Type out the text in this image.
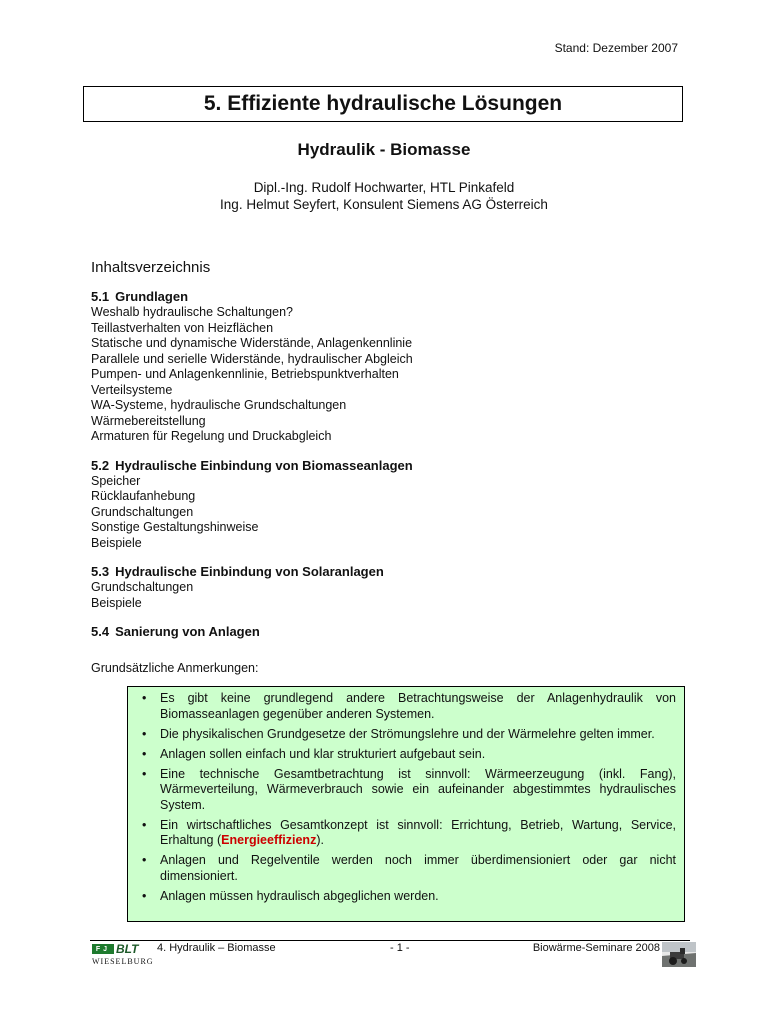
Stand: Dezember 2007
5. Effiziente hydraulische Lösungen
Hydraulik - Biomasse
Dipl.-Ing. Rudolf Hochwarter, HTL Pinkafeld
Ing. Helmut Seyfert, Konsulent Siemens AG Österreich
Inhaltsverzeichnis
5.1 Grundlagen
Weshalb hydraulische Schaltungen?
Teillastverhalten von Heizflächen
Statische und dynamische Widerstände, Anlagenkennlinie
Parallele und serielle Widerstände, hydraulischer Abgleich
Pumpen- und Anlagenkennlinie, Betriebspunktverhalten
Verteilsysteme
WA-Systeme, hydraulische Grundschaltungen
Wärmebereitstellung
Armaturen für Regelung und Druckabgleich
5.2 Hydraulische Einbindung von Biomasseanlagen
Speicher
Rücklaufanhebung
Grundschaltungen
Sonstige Gestaltungshinweise
Beispiele
5.3 Hydraulische Einbindung von Solaranlagen
Grundschaltungen
Beispiele
5.4 Sanierung von Anlagen
Grundsätzliche Anmerkungen:
•	Es gibt keine grundlegend andere Betrachtungsweise der Anlagenhydraulik von Biomasseanlagen gegenüber anderen Systemen.
•	Die physikalischen Grundgesetze der Strömungslehre und der Wärmelehre gelten immer.
•	Anlagen sollen einfach und klar strukturiert aufgebaut sein.
•	Eine technische Gesamtbetrachtung ist sinnvoll: Wärmeerzeugung (inkl. Fang), Wärmeverteilung, Wärmeverbrauch sowie ein aufeinander abgestimmtes hydraulisches System.
•	Ein wirtschaftliches Gesamtkonzept ist sinnvoll: Errichtung, Betrieb, Wartung, Service, Erhaltung (Energieeffizienz).
•	Anlagen und Regelventile werden noch immer überdimensioniert oder gar nicht dimensioniert.
•	Anlagen müssen hydraulisch abgeglichen werden.
FJ BLT
WIESELBURG
4. Hydraulik – Biomasse	- 1 -	Biowärme-Seminare 2008
